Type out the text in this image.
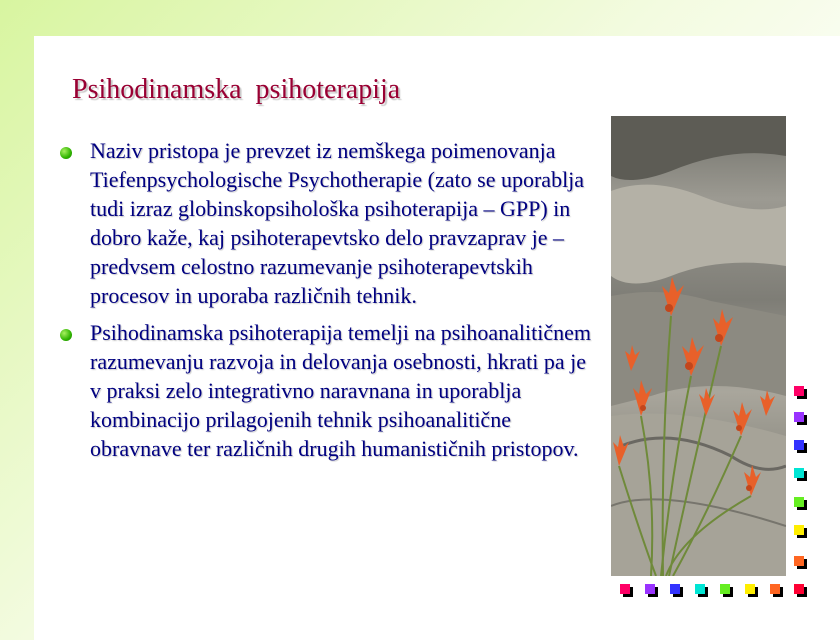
Psihodinamska  psihoterapija
Naziv pristopa je prevzet iz nemškega poimenovanja Tiefenpsychologische Psychotherapie (zato se uporablja tudi izraz globinskopsihološka psihoterapija – GPP) in dobro kaže, kaj psihoterapevtsko delo pravzaprav je – predvsem celostno razumevanje psihoterapevtskih procesov in uporaba različnih tehnik.
Psihodinamska psihoterapija temelji na psihoanalitičnem razumevanju razvoja in delovanja osebnosti, hkrati pa je v praksi zelo integrativno naravnana in uporablja kombinacijo prilagojenih tehnik psihoanalitične obravnave ter različnih drugih humanističnih pristopov.
